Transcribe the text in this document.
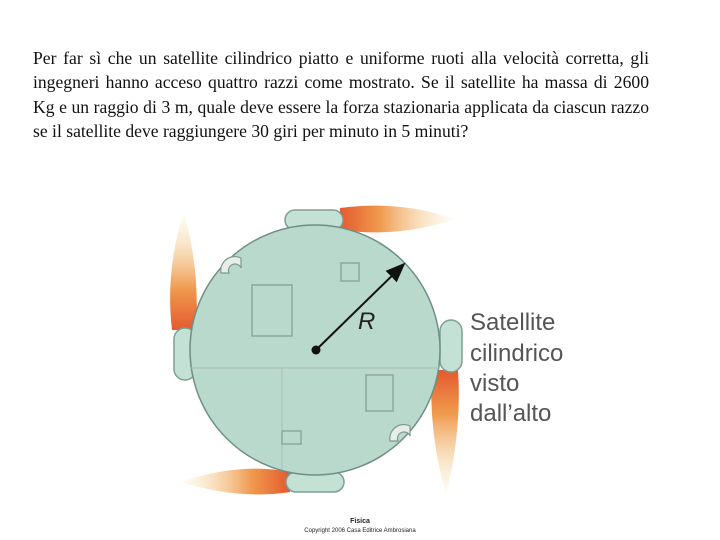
Per far sì che un satellite cilindrico piatto e uniforme ruoti alla velocità corretta, gli ingegneri hanno acceso quattro razzi come mostrato. Se il satellite ha massa di 2600 Kg e un raggio di 3 m, quale deve essere la forza stazionaria applicata da ciascun razzo se il satellite deve raggiungere 30 giri per minuto in 5 minuti?

R	Satellite
cilindrico
visto
dall’alto
Fisica
Copyright 2006 Casa Editrice Ambrosiana
